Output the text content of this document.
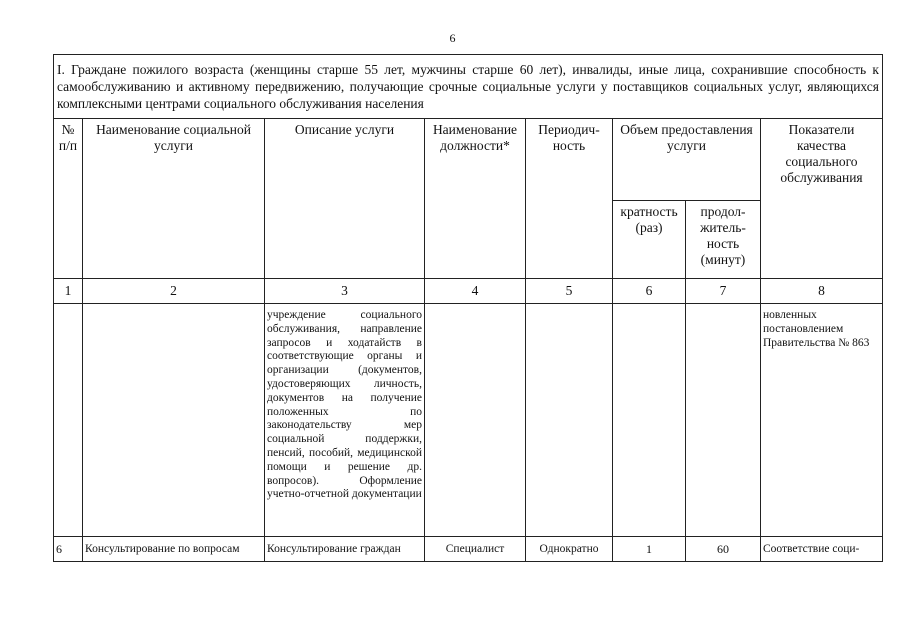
6
I. Граждане пожилого возраста (женщины старше 55 лет, мужчины старше 60 лет), инвалиды, иные лица, сохранившие способность к самообслуживанию и активному передвижению, получающие срочные социальные услуги у поставщиков социальных услуг, являющихся комплексными центрами социального обслуживания населения							
№ п/п	Наименование социальной услуги	Описание услуги	Наименование должности*	Периодич-ность	Объем предоставления услуги		Показатели качества социального обслуживания
					кратность (раз)	продол-житель-ность (минут)	
1	2	3	4	5	6	7	8
		учреждение социального обслуживания, направление запросов и ходатайств в соответствующие органы и организации (документов, удостоверяющих личность, документов на получение положенных по законодательству мер социальной поддержки, пенсий, пособий, медицинской помощи и решение др. вопросов). Оформление учетно-отчетной документации					новленных постановлением Правительства № 863
6	Консультирование по вопросам	Консультирование граждан	Специалист	Однократно	1	60	Соответствие соци-
